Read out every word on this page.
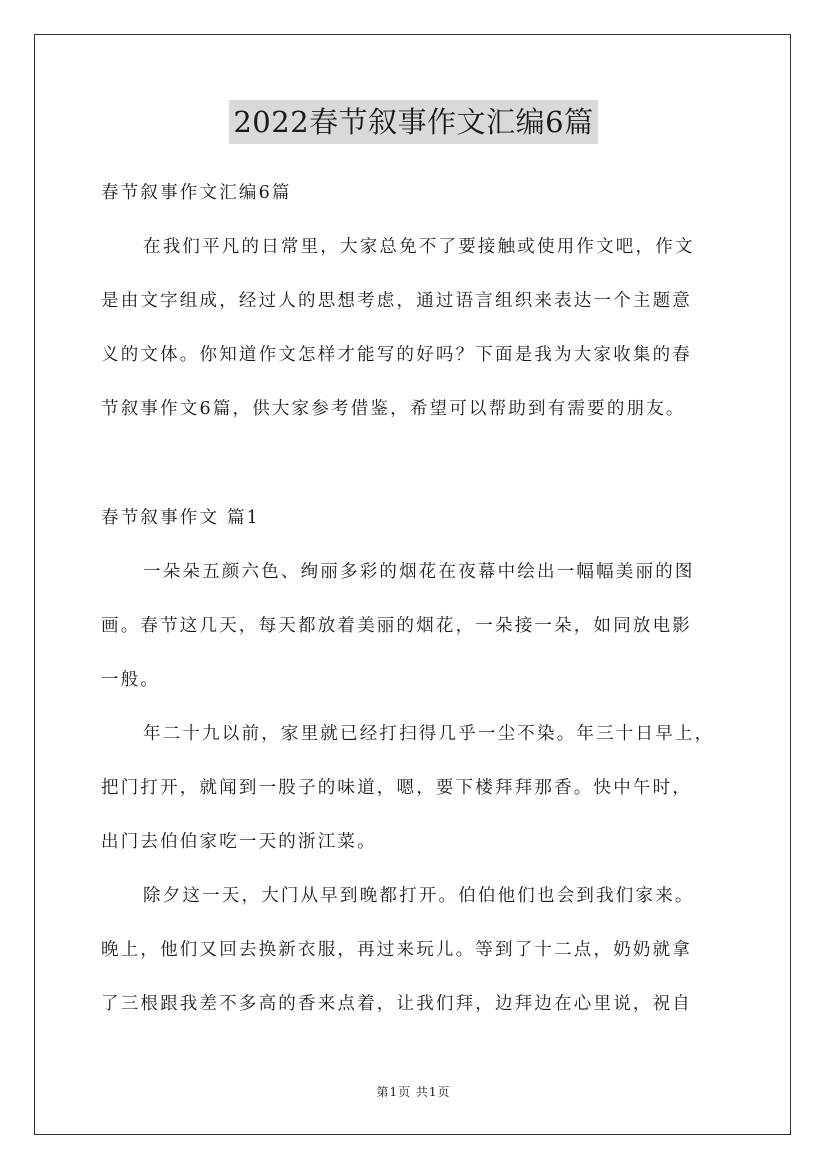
2022春节叙事作文汇编6篇

春节叙事作文汇编6篇

在我们平凡的日常里，大家总免不了要接触或使用作文吧，作文
是由文字组成，经过人的思想考虑，通过语言组织来表达一个主题意
义的文体。你知道作文怎样才能写的好吗？下面是我为大家收集的春
节叙事作文6篇，供大家参考借鉴，希望可以帮助到有需要的朋友。

春节叙事作文 篇1

一朵朵五颜六色、绚丽多彩的烟花在夜幕中绘出一幅幅美丽的图
画。春节这几天，每天都放着美丽的烟花，一朵接一朵，如同放电影
一般。

年二十九以前，家里就已经打扫得几乎一尘不染。年三十日早上，
把门打开，就闻到一股子的味道，嗯，要下楼拜拜那香。快中午时，
出门去伯伯家吃一天的浙江菜。

除夕这一天，大门从早到晚都打开。伯伯他们也会到我们家来。
晚上，他们又回去换新衣服，再过来玩儿。等到了十二点，奶奶就拿
了三根跟我差不多高的香来点着，让我们拜，边拜边在心里说，祝自

第1页 共1页
